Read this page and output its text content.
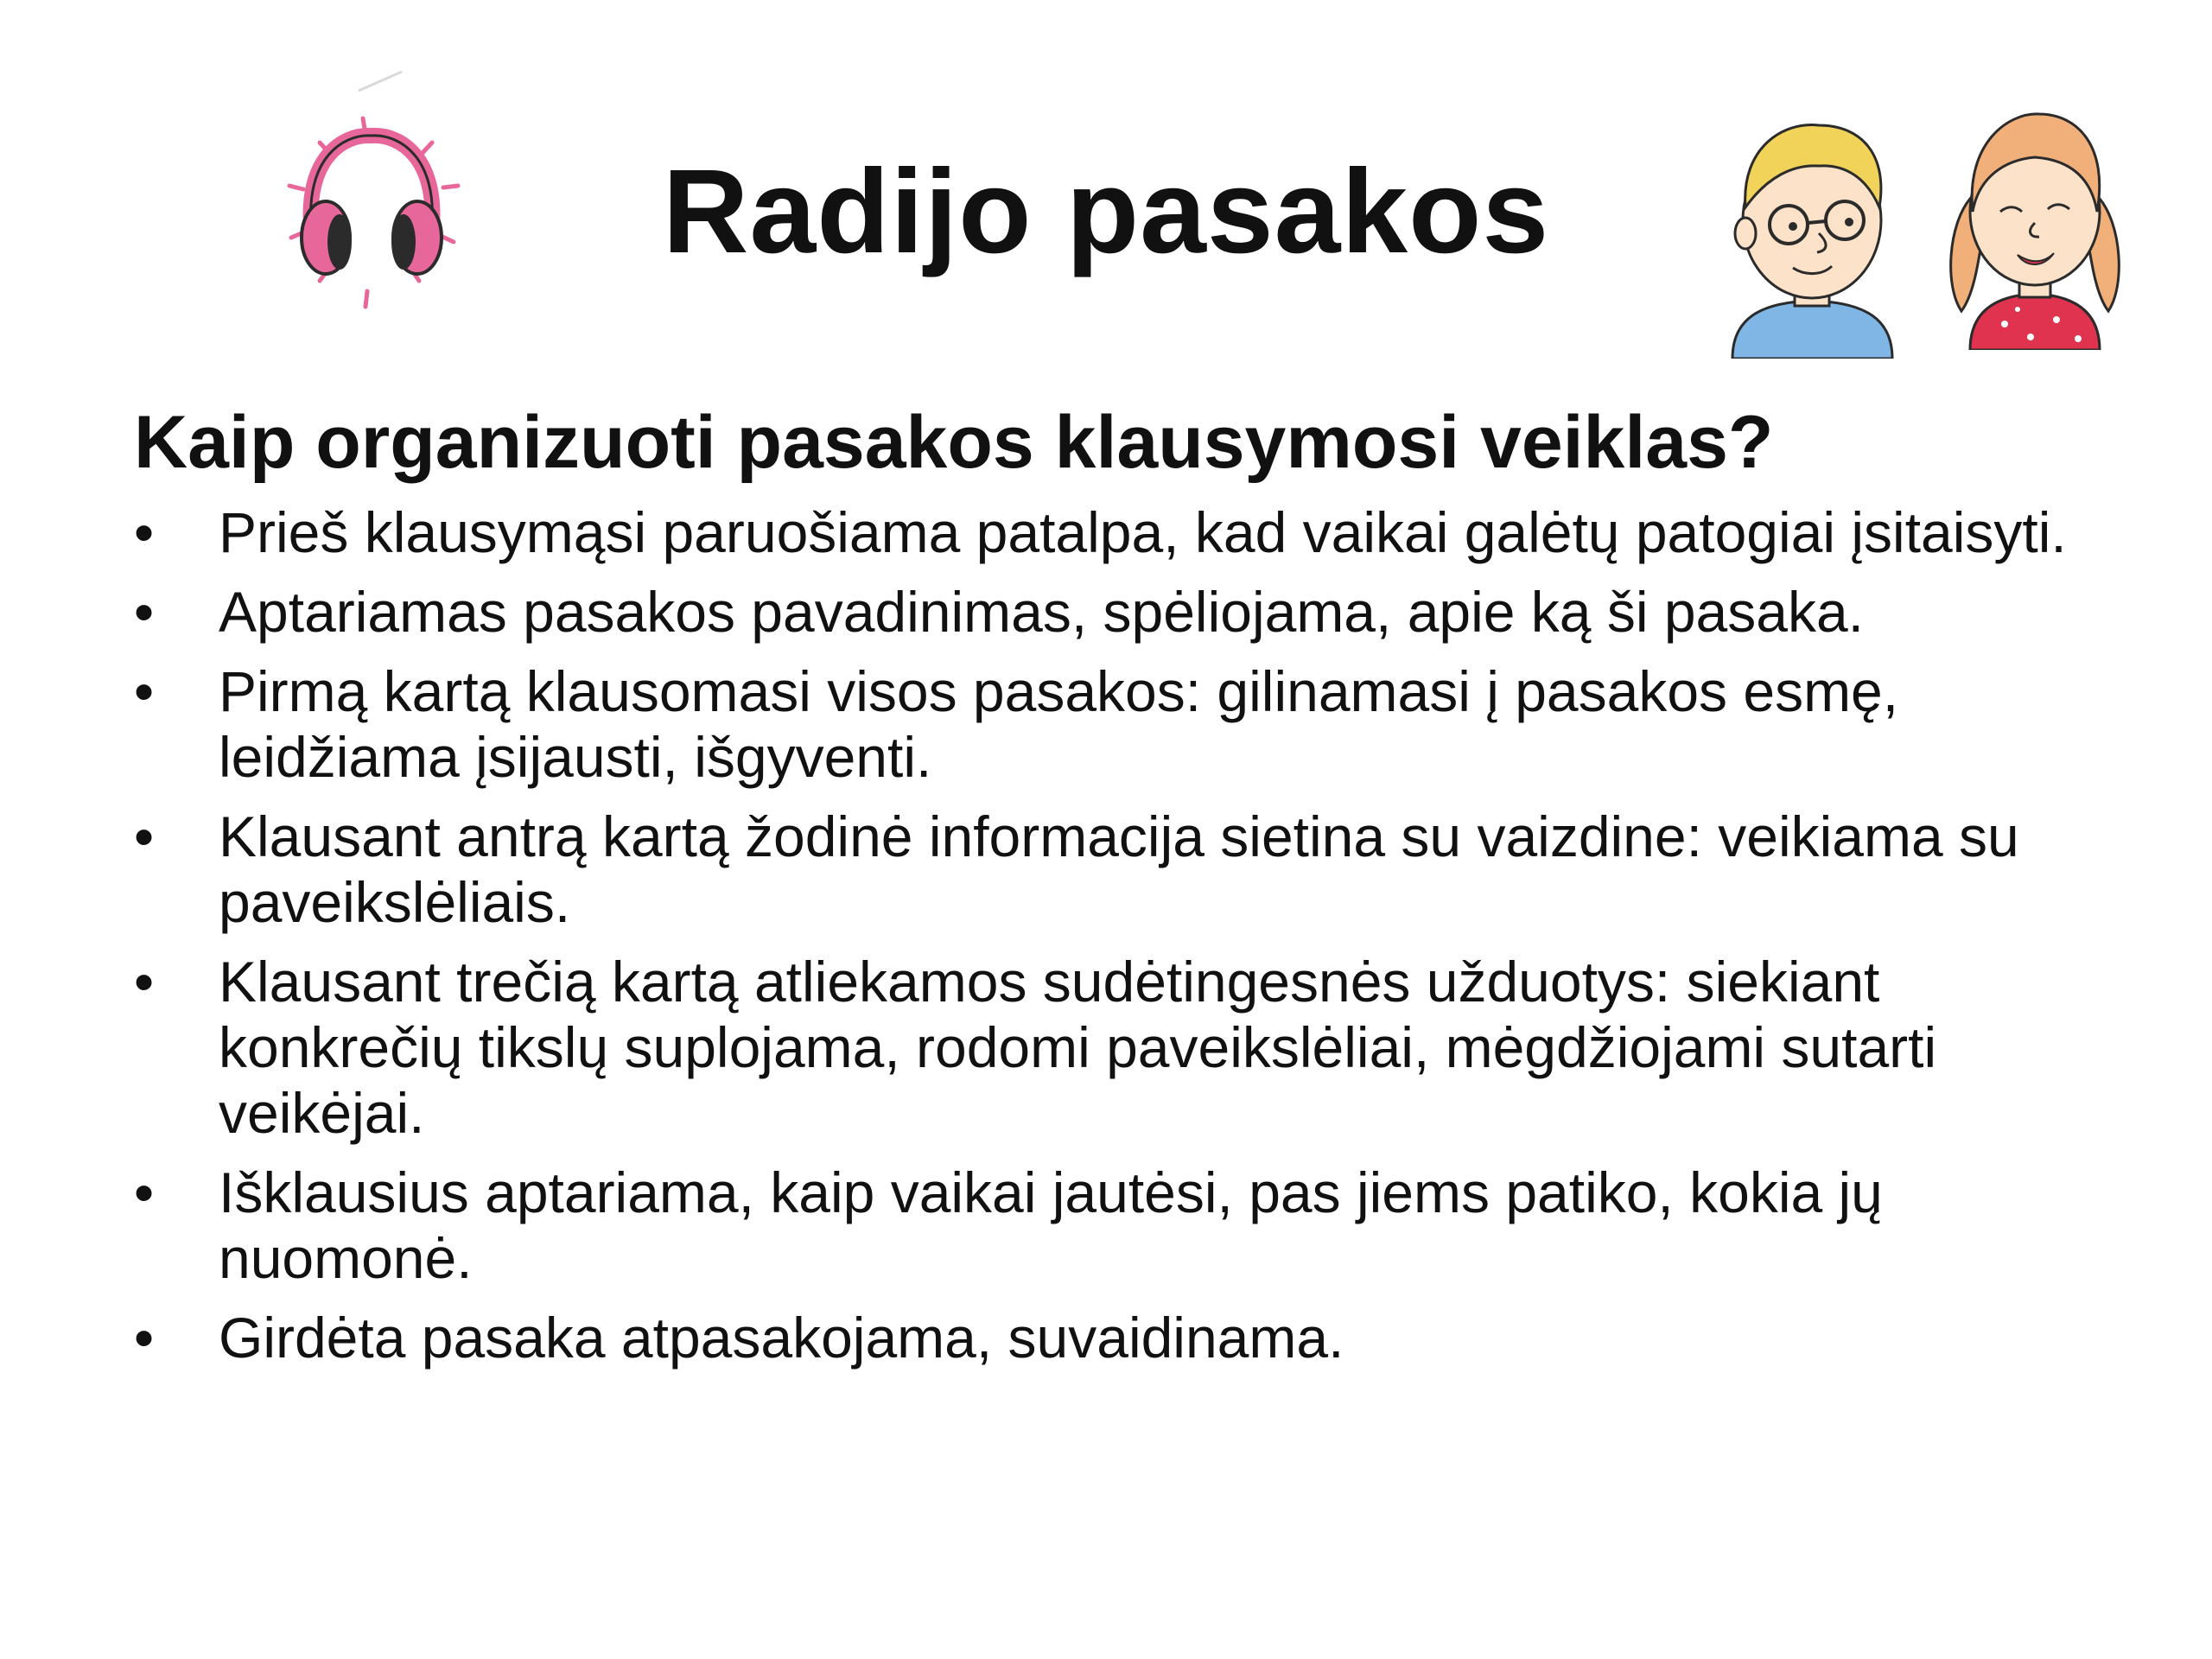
Radijo pasakos
Kaip organizuoti pasakos klausymosi veiklas?
•	Prieš klausymąsi paruošiama patalpa, kad vaikai galėtų patogiai įsitaisyti.
•	Aptariamas pasakos pavadinimas, spėliojama, apie ką ši pasaka.
•	Pirmą kartą klausomasi visos pasakos: gilinamasi į pasakos esmę, leidžiama įsijausti, išgyventi.
•	Klausant antrą kartą žodinė informacija sietina su vaizdine: veikiama su paveikslėliais.
•	Klausant trečią kartą atliekamos sudėtingesnės užduotys: siekiant konkrečių tikslų suplojama, rodomi paveikslėliai, mėgdžiojami sutarti veikėjai.
•	Išklausius aptariama, kaip vaikai jautėsi, pas jiems patiko, kokia jų nuomonė.
•	Girdėta pasaka atpasakojama, suvaidinama.
